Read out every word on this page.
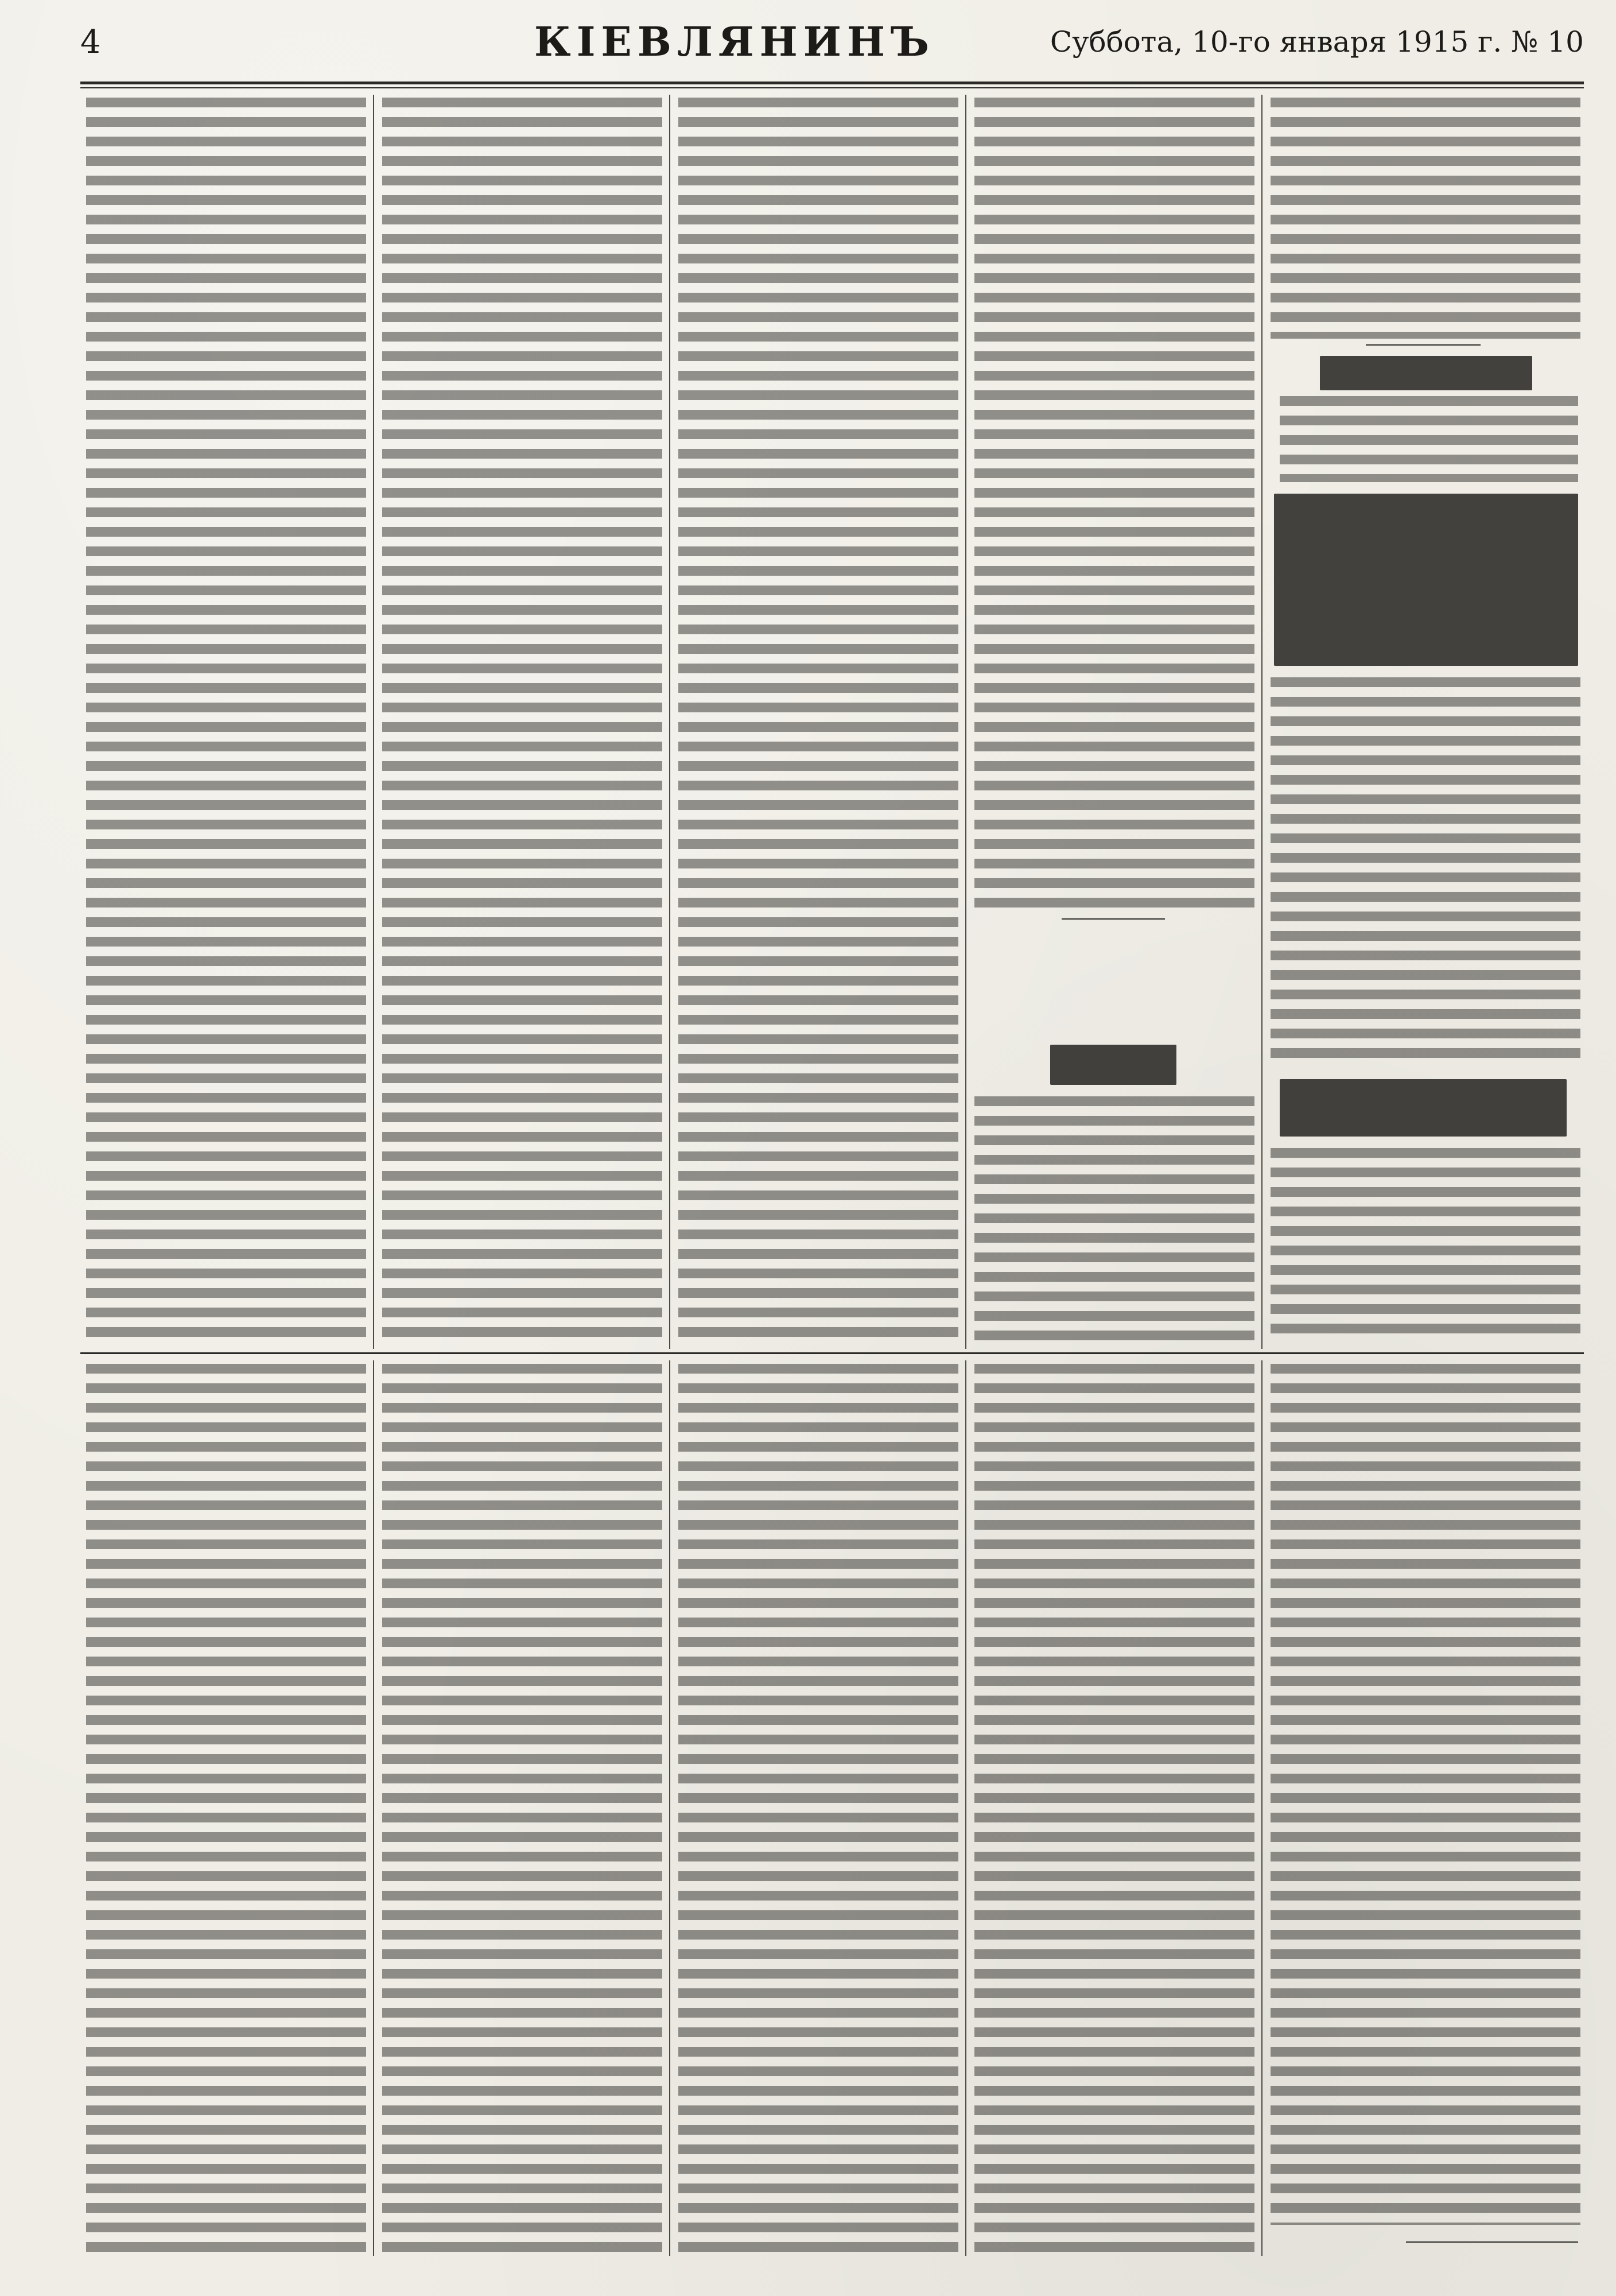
4	КІЕВЛЯНИНЪ	Суббота, 10-го января 1915 г. № 10
